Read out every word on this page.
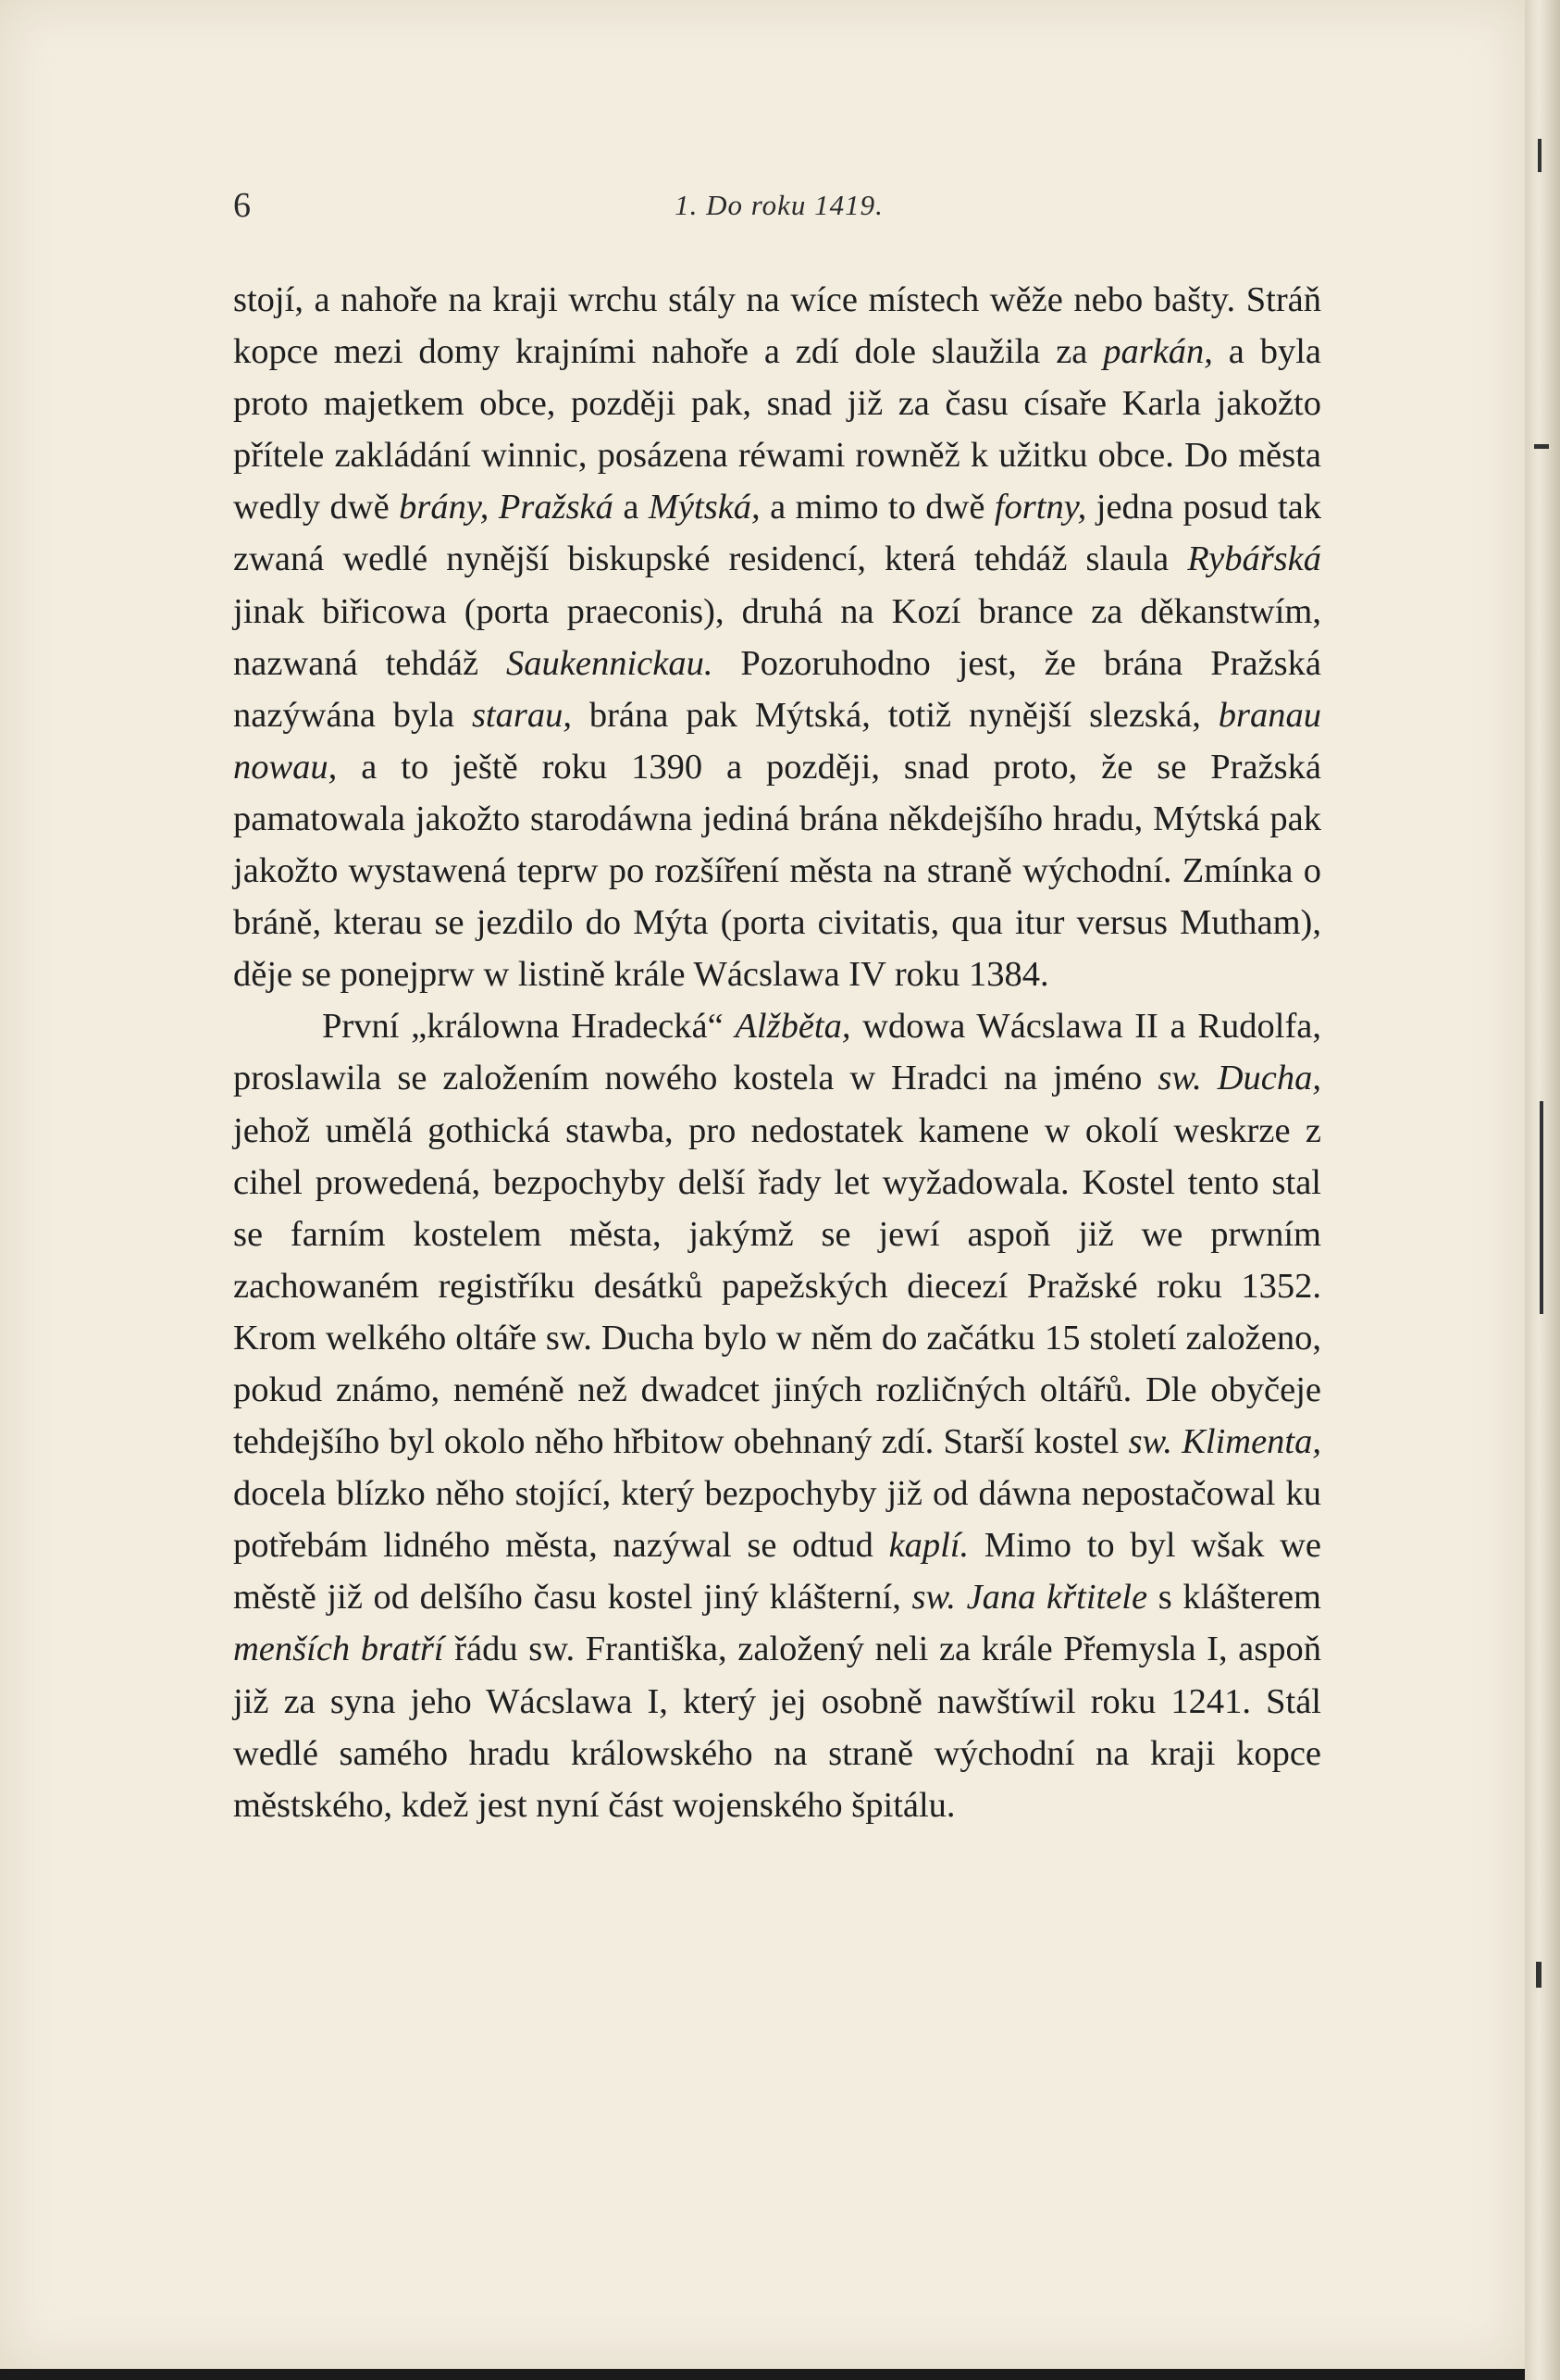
6	1. Do roku 1419.

stojí, a nahoře na kraji wrchu stály na wíce místech wěže nebo bašty. Stráň kopce mezi domy krajními nahoře a zdí dole slaužila za parkán, a byla proto majetkem obce, později pak, snad již za času císaře Karla jakožto přítele zakládání winnic, posázena réwami rowněž k užitku obce. Do města wedly dwě brány, Pražská a Mýtská, a mimo to dwě fortny, jedna posud tak zwaná wedlé nynější biskupské residencí, která tehdáž slaula Rybářská jinak biřicowa (porta praeconis), druhá na Kozí brance za děkanstwím, nazwaná tehdáž Saukennickau. Pozoruhodno jest, že brána Pražská nazýwána byla starau, brána pak Mýtská, totiž nynější slezská, branau nowau, a to ještě roku 1390 a později, snad proto, že se Pražská pamatowala jakožto starodáwna jediná brána někdejšího hradu, Mýtská pak jakožto wystawená teprw po rozšíření města na straně wýchodní. Zmínka o bráně, kterau se jezdilo do Mýta (porta civitatis, qua itur versus Mutham), děje se ponejprw w listině krále Wácslawa IV roku 1384.

První „králowna Hradecká“ Alžběta, wdowa Wácslawa II a Rudolfa, proslawila se založením nowého kostela w Hradci na jméno sw. Ducha, jehož umělá gothická stawba, pro nedostatek kamene w okolí weskrze z cihel prowedená, bezpochyby delší řady let wyžadowala. Kostel tento stal se farním kostelem města, jakýmž se jewí aspoň již we prwním zachowaném registříku desátků papežských diecezí Pražské roku 1352. Krom welkého oltáře sw. Ducha bylo w něm do začátku 15 století založeno, pokud známo, neméně než dwadcet jiných rozličných oltářů. Dle obyčeje tehdejšího byl okolo něho hřbitow obehnaný zdí. Starší kostel sw. Klimenta, docela blízko něho stojící, který bezpochyby již od dáwna nepostačowal ku potřebám lidného města, nazýwal se odtud kaplí. Mimo to byl wšak we městě již od delšího času kostel jiný klášterní, sw. Jana křtitele s klášterem menších bratří řádu sw. Františka, založený neli za krále Přemysla I, aspoň již za syna jeho Wácslawa I, který jej osobně nawštíwil roku 1241. Stál wedlé samého hradu králowského na straně wýchodní na kraji kopce městského, kdež jest nyní část wojenského špitálu.
